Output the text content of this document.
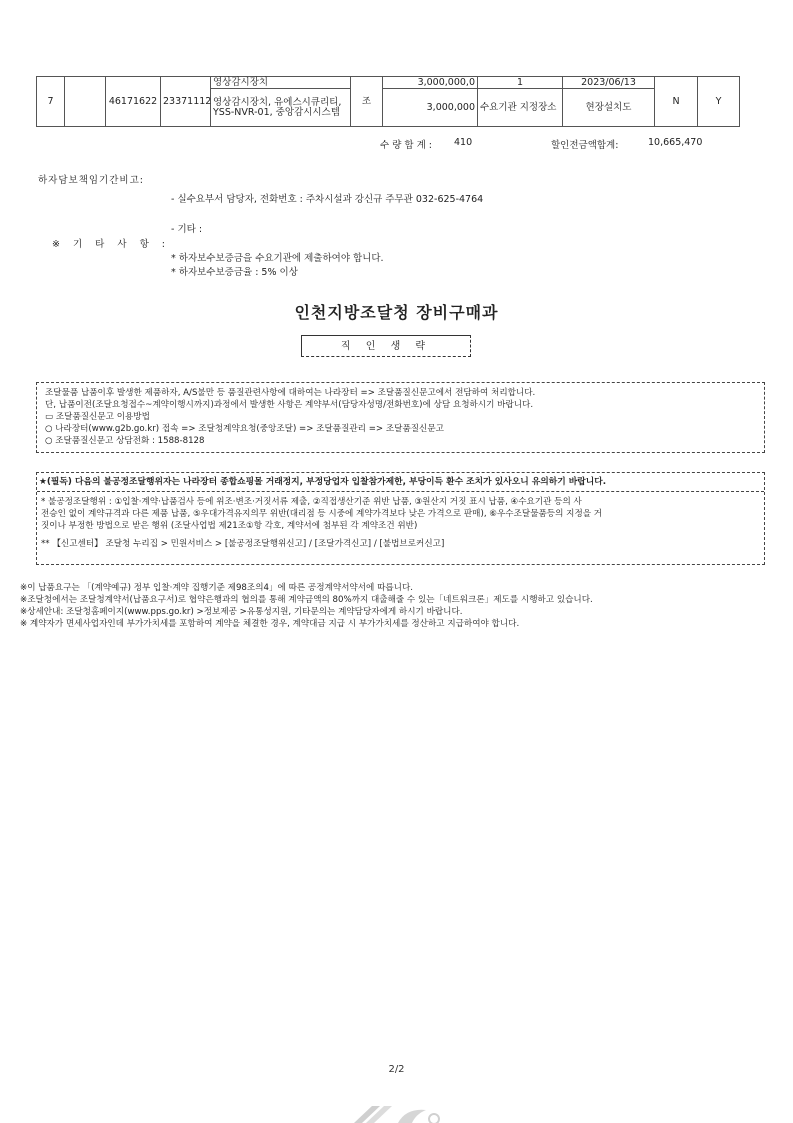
7		46171622	23371112	영상감시장치	조	3,000,000,0	1	2023/06/13	N	Y
				영상감시장치, 유에스시큐리티, YSS-NVR-01, 중앙감시시스템		3,000,000	수요기관 지정장소	현장설치도		
수 량 합 계 : 410	할인전금액합계:	10,665,470
하자담보책임기간비고:
- 실수요부서 담당자, 전화번호 : 주차시설과 강신규 주무관 032-625-4764
- 기타 :
※ 기 타 사 항 :
* 하자보수보증금을 수요기관에 제출하여야 합니다.
* 하자보수보증금율 : 5% 이상
인천지방조달청 장비구매과
직 인 생 략
조달물품 납품이후 발생한 제품하자, A/S불만 등 품질관련사항에 대하여는 나라장터 => 조달품질신문고에서 전담하여 처리합니다.
단, 납품이전(조달요청접수~계약이행시까지)과정에서 발생한 사항은 계약부서(담당자성명/전화번호)에 상담 요청하시기 바랍니다.
▭ 조달품질신문고 이용방법
○ 나라장터(www.g2b.go.kr) 접속 => 조달청계약요청(중앙조달) => 조달품질관리 => 조달품질신문고
○ 조달품질신문고 상담전화 : 1588-8128
★(필독) 다음의 불공정조달행위자는 나라장터 종합쇼핑몰 거래정지, 부정당업자 입찰참가제한, 부당이득 환수 조치가 있사오니 유의하기 바랍니다.
* 불공정조달행위 : ①입찰·계약·납품검사 등에 위조·변조·거짓서류 제출, ②직접생산기준 위반 납품, ③원산지 거짓 표시 납품, ④수요기관 등의 사
전승인 없이 계약규격과 다른 제품 납품, ⑤우대가격유지의무 위반(대리점 등 시중에 계약가격보다 낮은 가격으로 판매), ⑥우수조달물품등의 지정을 거
짓이나 부정한 방법으로 받은 행위 (조달사업법 제21조①항 각호, 계약서에 첨부된 각 계약조건 위반)
** 【신고센터】 조달청 누리집 > 민원서비스 > [불공정조달행위신고] / [조달가격신고] / [불법브로커신고]
※이 납품요구는 「(계약예규) 정부 입찰·계약 집행기준 제98조의4」에 따른 공정계약서약서에 따릅니다.
※조달청에서는 조달청계약서(납품요구서)로 협약은행과의 협의를 통해 계약금액의 80%까지 대출해줄 수 있는「네트워크론」제도를 시행하고 있습니다.
※상세안내: 조달청홈페이지(www.pps.go.kr) >정보제공 >유통성지원, 기타문의는 계약담당자에게 하시기 바랍니다.
※ 계약자가 면세사업자인데 부가가치세를 포함하여 계약을 체결한 경우, 계약대금 지급 시 부가가치세를 정산하고 지급하여야 합니다.
2/2
